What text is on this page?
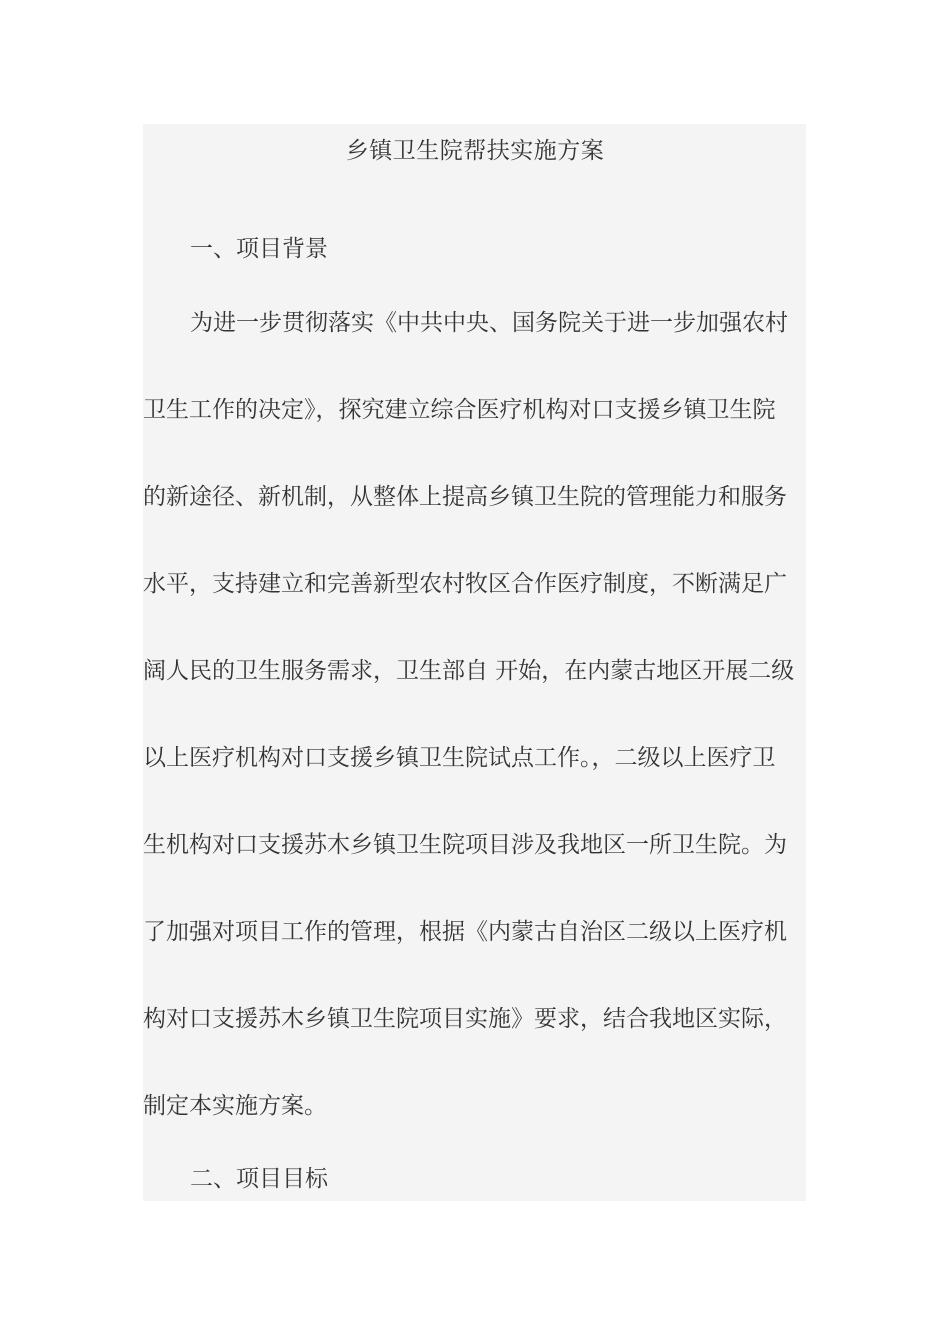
乡镇卫生院帮扶实施方案
一、项目背景
为进一步贯彻落实《中共中央、国务院关于进一步加强农村
卫生工作的决定》，探究建立综合医疗机构对口支援乡镇卫生院
的新途径、新机制，从整体上提高乡镇卫生院的管理能力和服务
水平，支持建立和完善新型农村牧区合作医疗制度，不断满足广
阔人民的卫生服务需求，卫生部自 开始，在内蒙古地区开展二级
以上医疗机构对口支援乡镇卫生院试点工作。，二级以上医疗卫
生机构对口支援苏木乡镇卫生院项目涉及我地区一所卫生院。为
了加强对项目工作的管理，根据《内蒙古自治区二级以上医疗机
构对口支援苏木乡镇卫生院项目实施》要求，结合我地区实际，
制定本实施方案。
二、项目目标
